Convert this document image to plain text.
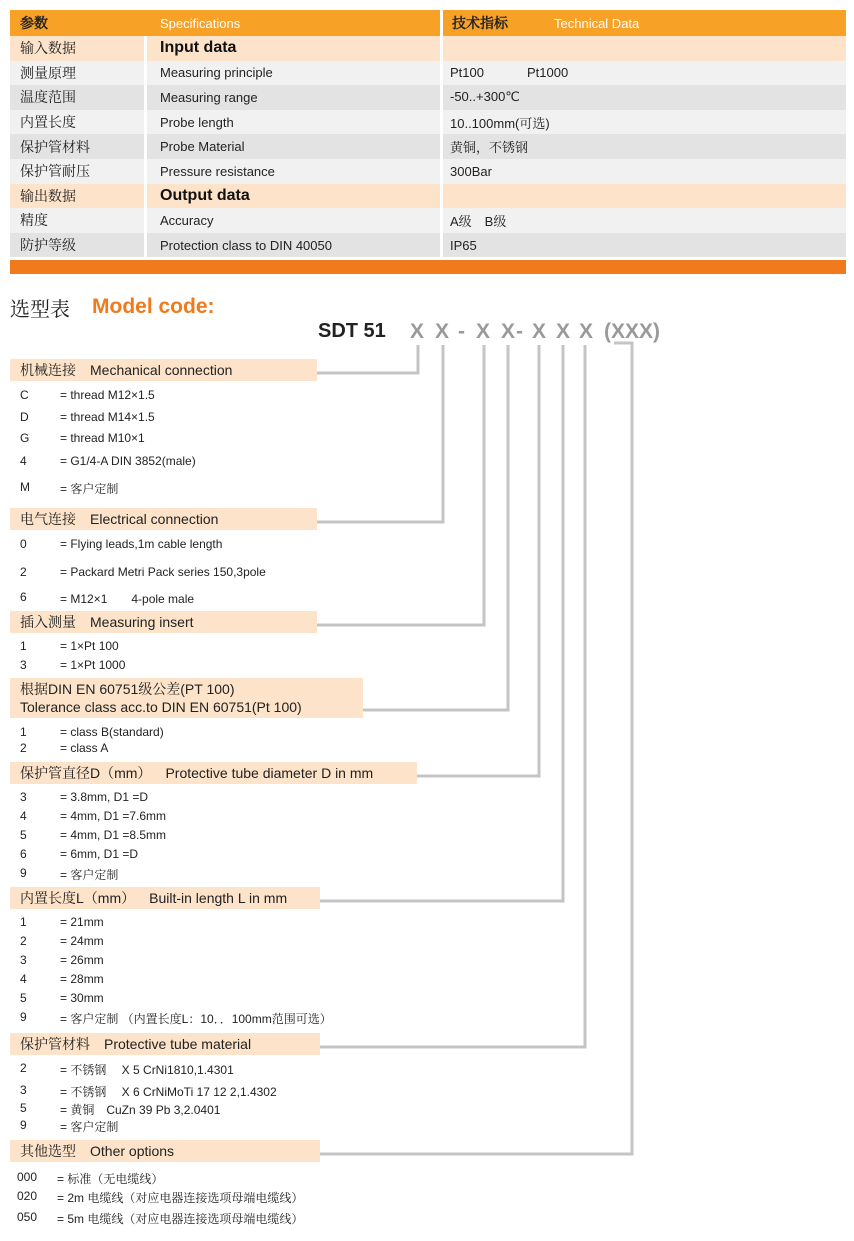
参数	Specifications	技术指标	Technical Data
输入数据	Input data
测量原理	Measuring principle	Pt100	Pt1000
温度范围	Measuring range	-50..+300℃
内置长度	Probe length	10..100mm(可选)
保护管材料	Probe Material	黄铜，不锈钢
保护管耐压	Pressure resistance	300Bar
输出数据	Output data
精度	Accuracy	A级　B级
防护等级	Protection class to DIN 40050	IP65
选型表 Model code:
SDT 51 X X - X X - X X X (XXX)
机械连接 Mechanical connection
C	= thread M12×1.5
D	= thread M14×1.5
G	= thread M10×1
4	= G1/4-A DIN 3852(male)
M	= 客户定制
电气连接 Electrical connection
0	= Flying leads,1m cable length
2	= Packard Metri Pack series 150,3pole
6	= M12×1　　4-pole male
插入测量 Measuring insert
1	= 1×Pt 100
3	= 1×Pt 1000
根据DIN EN 60751级公差(PT 100)
Tolerance class acc.to DIN EN 60751(Pt 100)
1	= class B(standard)
2	= class A
保护管直径D（mm） Protective tube diameter D in mm
3	= 3.8mm, D1 =D
4	= 4mm, D1 =7.6mm
5	= 4mm, D1 =8.5mm
6	= 6mm, D1 =D
9	= 客户定制
内置长度L（mm） Built-in length L in mm
1	= 21mm
2	= 24mm
3	= 26mm
4	= 28mm
5	= 30mm
9	= 客户定制 （内置长度L：10．．100mm范围可选）
保护管材料 Protective tube material
2	= 不锈钢　 X 5 CrNi1810,1.4301
3	= 不锈钢　 X 6 CrNiMoTi 17 12 2,1.4302
5	= 黄铜　CuZn 39 Pb 3,2.0401
9	= 客户定制
其他选型 Other options
000 = 标准（无电缆线）
020 = 2m 电缆线（对应电器连接选项母端电缆线）
050 = 5m 电缆线（对应电器连接选项母端电缆线）
